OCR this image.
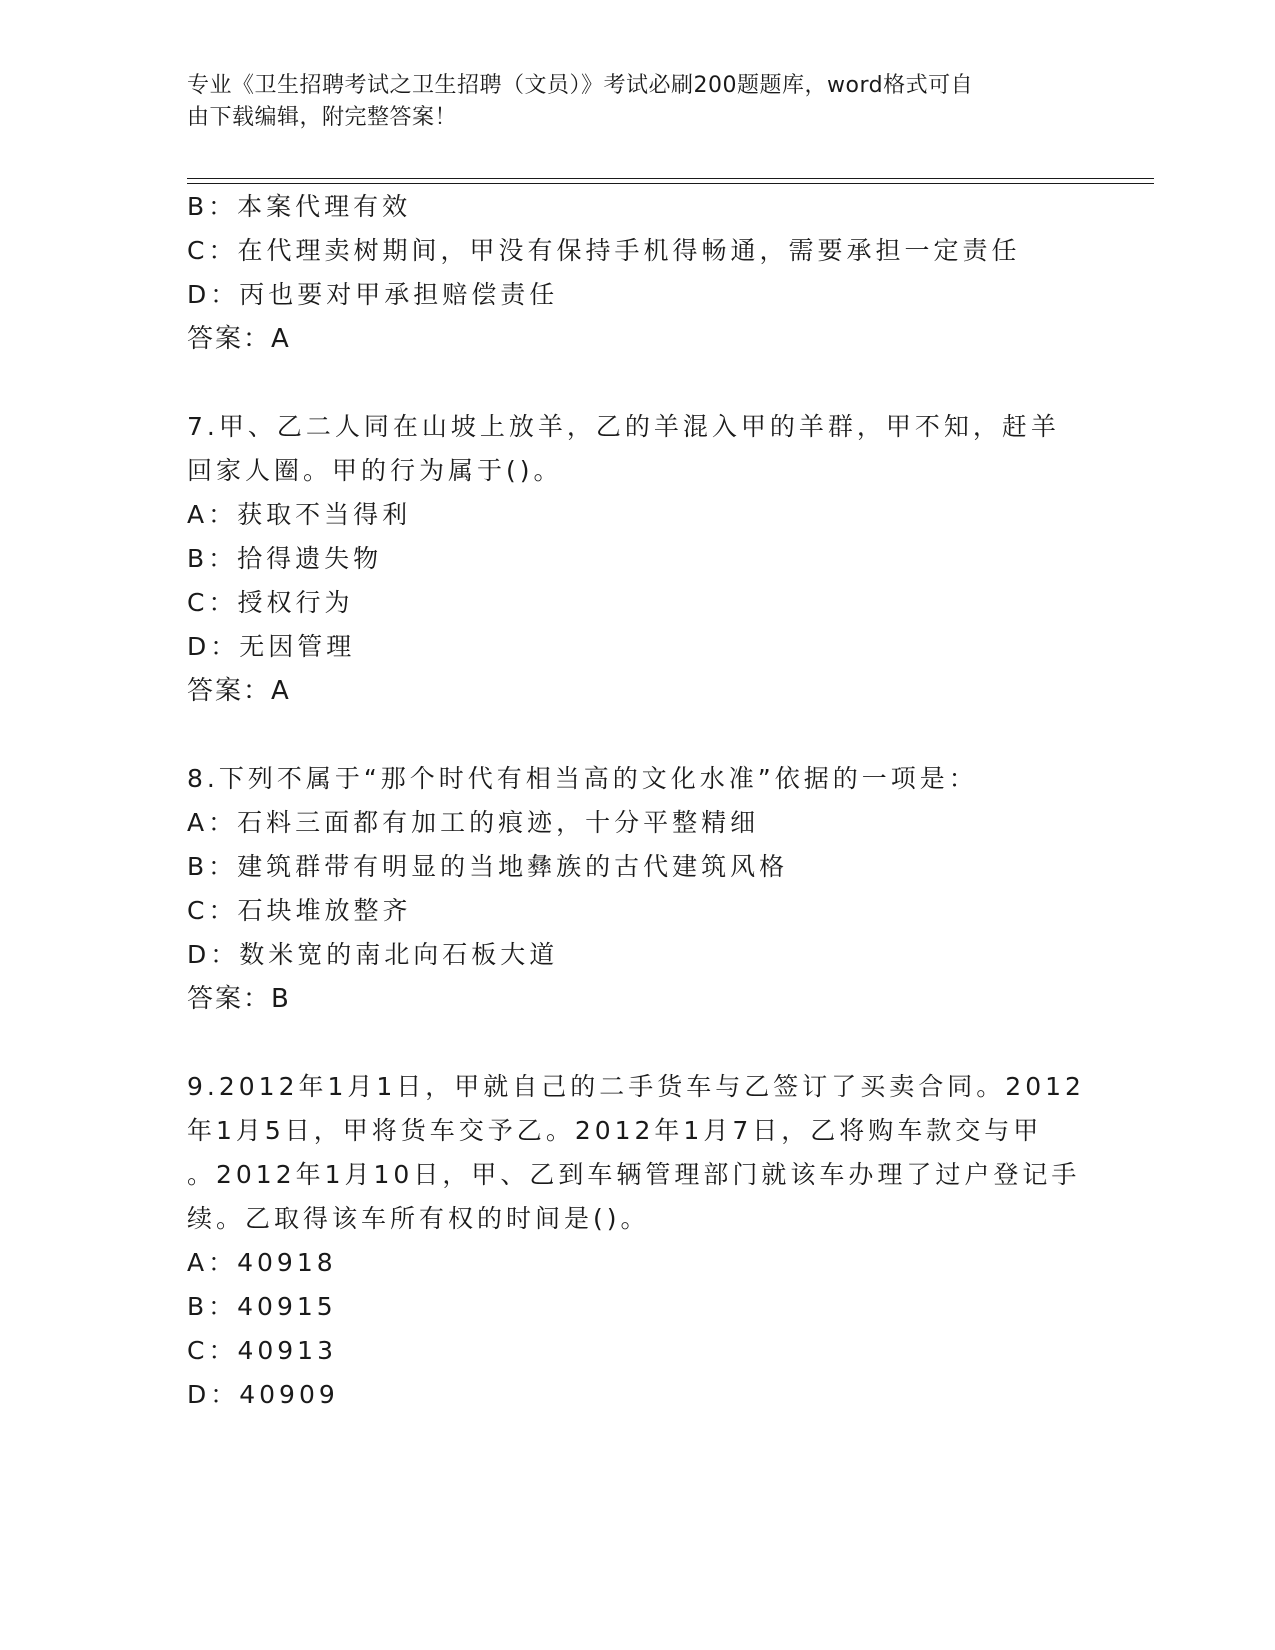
专业《卫生招聘考试之卫生招聘（文员）》考试必刷200题题库，word格式可自
由下载编辑，附完整答案！
B：本案代理有效
C：在代理卖树期间，甲没有保持手机得畅通，需要承担一定责任
D：丙也要对甲承担赔偿责任
答案：A
7.甲、乙二人同在山坡上放羊，乙的羊混入甲的羊群，甲不知，赶羊
回家人圈。甲的行为属于()。
A：获取不当得利
B：拾得遗失物
C：授权行为
D：无因管理
答案：A
8.下列不属于“那个时代有相当高的文化水准”依据的一项是：
A：石料三面都有加工的痕迹，十分平整精细
B：建筑群带有明显的当地彝族的古代建筑风格
C：石块堆放整齐
D：数米宽的南北向石板大道
答案：B
9.2012年1月1日，甲就自己的二手货车与乙签订了买卖合同。2012
年1月5日，甲将货车交予乙。2012年1月7日，乙将购车款交与甲
。2012年1月10日，甲、乙到车辆管理部门就该车办理了过户登记手
续。乙取得该车所有权的时间是()。
A：40918
B：40915
C：40913
D：40909
